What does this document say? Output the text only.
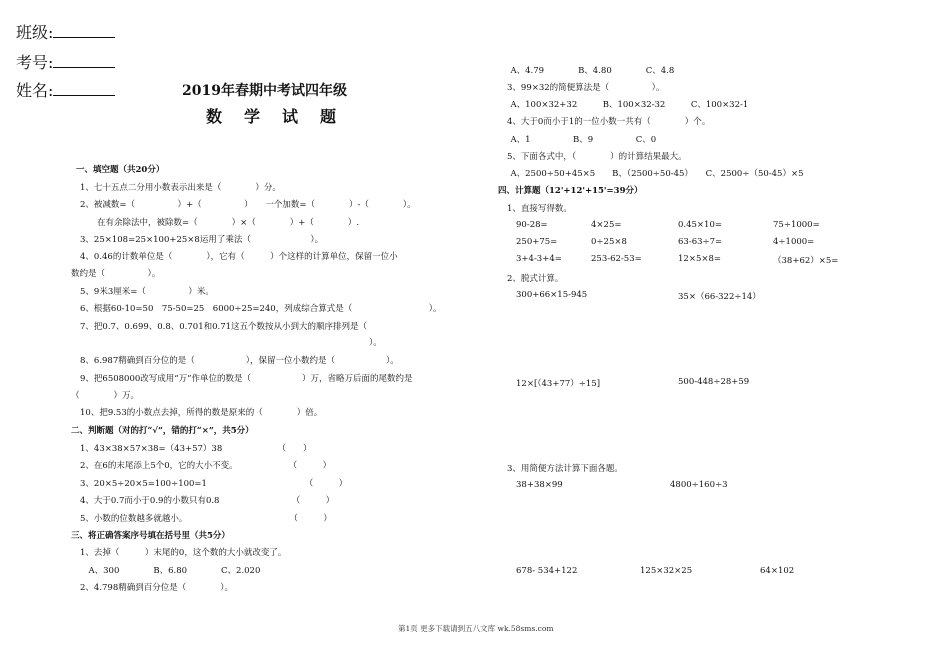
班级:
考号:
姓名:	2019年春期中考试四年级
数学试题
一、填空题（共20分）
1、七十五点二分用小数表示出来是（　　　　）分。
2、被减数=（　　　　　）+（　　　　　）　　一个加数=（　　　　）-（　　　　）。
　　在有余除法中，被除数=（　　　　）×（　　　　）+（　　　　）.
3、25×108=25×100+25×8运用了乘法（　　　　　　　）。
4、0.46的计数单位是（　　　　），它有（　　　）个这样的计算单位，保留一位小
数约是（　　　　　）。
5、9米3厘米=（　　　　　）米。
6、根据60-10=50　75-50=25　6000÷25=240，列成综合算式是（　　　　　　　　　）。
7、把0.7、0.699、0.8、0.701和0.71这五个数按从小到大的顺序排列是（
　　　　　　　　　　　　　　　　　　　　　　　　　　　　　　　　　　）。
8、6.987精确到百分位的是（　　　　　　），保留一位小数约是（　　　　　　）。
9、把6508000改写成用“万”作单位的数是（　　　　　　）万，省略万后面的尾数约是
（　　　　）万。
10、把9.53的小数点去掉，所得的数是原来的（　　　　）倍。
二、判断题（对的打“√”，错的打“×”，共5分）
1、43×38×57×38=（43+57）38　　　　　　　（　　）
2、在6的末尾添上5个0，它的大小不变。　　　　　　　（　　　）
3、20×5÷20×5=100÷100=1　　　　　　　　　　　　（　　　）
4、大于0.7而小于0.9的小数只有0.8　　　　　　　　　（　　　）
5、小数的位数越多就越小。　　　　　　　　　　　　　（　　　）
三、将正确答案序号填在括号里（共5分）
1、去掉（　　　）末尾的0，这个数的大小就改变了。
　A、300　　　　B、6.80　　　　C、2.020
2、4.798精确到百分位是（　　　　）。
　A、4.79　　　　B、4.80　　　　C、4.8
3、99×32的简便算法是（　　　　　）。
　A、100×32+32　　　B、100×32-32　　　C、100×32-1
4、大于0而小于1的一位小数一共有（　　　　）个。
　A、1　　　　　B、9　　　　　C、0
5、下面各式中，（　　　　）的计算结果最大。
　A、2500÷50+45×5　　B、（2500÷50-45）　　C、2500÷（50-45）×5
四、计算题（12'+12'+15'=39分）
1、直接写得数。
90-28=	4×25=	0.45×10=	75÷1000=
250+75=	0÷25×8	63-63÷7=	4÷1000=
3+4-3+4=	253-62-53=	12×5×8=	（38+62）×5=
2、脱式计算。
300+66×15-945	35×（66-322÷14）
12×[（43+77）÷15]	500-448÷28+59
3、用简便方法计算下面各题。
38+38×99	4800÷160÷3
678- 534+122	125×32×25	64×102
第1页 更多下载请到五八文库 wk.58sms.com
